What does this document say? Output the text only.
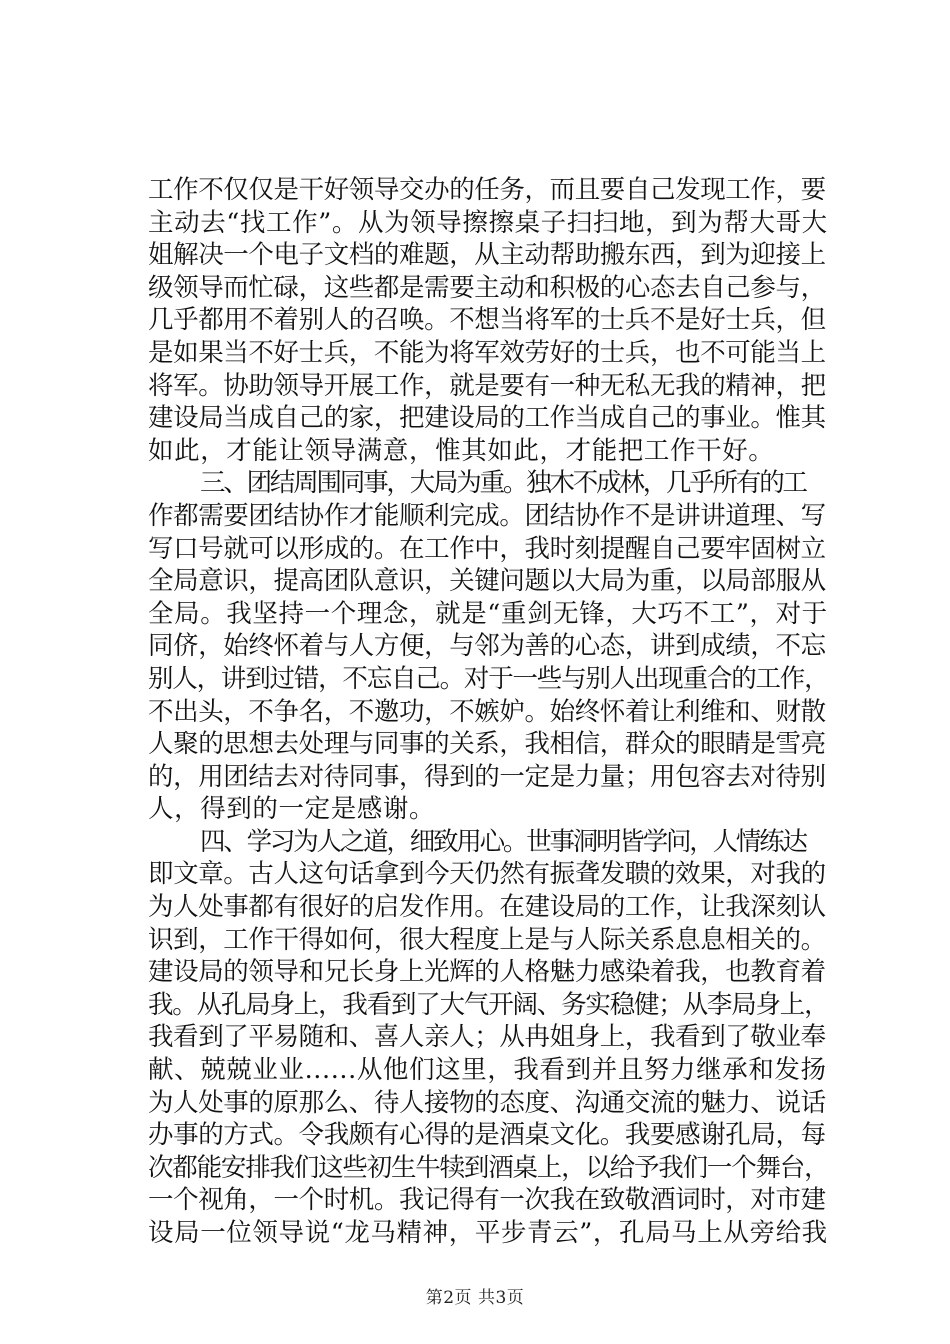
工作不仅仅是干好领导交办的任务，而且要自己发现工作，要
主动去“找工作”。从为领导擦擦桌子扫扫地，到为帮大哥大
姐解决一个电子文档的难题，从主动帮助搬东西，到为迎接上
级领导而忙碌，这些都是需要主动和积极的心态去自己参与，
几乎都用不着别人的召唤。不想当将军的士兵不是好士兵，但
是如果当不好士兵，不能为将军效劳好的士兵，也不可能当上
将军。协助领导开展工作，就是要有一种无私无我的精神，把
建设局当成自己的家，把建设局的工作当成自己的事业。惟其
如此，才能让领导满意，惟其如此，才能把工作干好。
三、团结周围同事，大局为重。独木不成林，几乎所有的工
作都需要团结协作才能顺利完成。团结协作不是讲讲道理、写
写口号就可以形成的。在工作中，我时刻提醒自己要牢固树立
全局意识，提高团队意识，关键问题以大局为重，以局部服从
全局。我坚持一个理念，就是“重剑无锋，大巧不工”，对于
同侪，始终怀着与人方便，与邻为善的心态，讲到成绩，不忘
别人，讲到过错，不忘自己。对于一些与别人出现重合的工作，
不出头，不争名，不邀功，不嫉妒。始终怀着让利维和、财散
人聚的思想去处理与同事的关系，我相信，群众的眼睛是雪亮
的，用团结去对待同事，得到的一定是力量；用包容去对待别
人，得到的一定是感谢。
四、学习为人之道，细致用心。世事洞明皆学问，人情练达
即文章。古人这句话拿到今天仍然有振聋发聩的效果，对我的
为人处事都有很好的启发作用。在建设局的工作，让我深刻认
识到，工作干得如何，很大程度上是与人际关系息息相关的。
建设局的领导和兄长身上光辉的人格魅力感染着我，也教育着
我。从孔局身上，我看到了大气开阔、务实稳健；从李局身上，
我看到了平易随和、喜人亲人；从冉姐身上，我看到了敬业奉
献、兢兢业业......从他们这里，我看到并且努力继承和发扬
为人处事的原那么、待人接物的态度、沟通交流的魅力、说话
办事的方式。令我颇有心得的是酒桌文化。我要感谢孔局，每
次都能安排我们这些初生牛犊到酒桌上，以给予我们一个舞台，
一个视角，一个时机。我记得有一次我在致敬酒词时，对市建
设局一位领导说“龙马精神，平步青云”，孔局马上从旁给我
第2页 共3页
